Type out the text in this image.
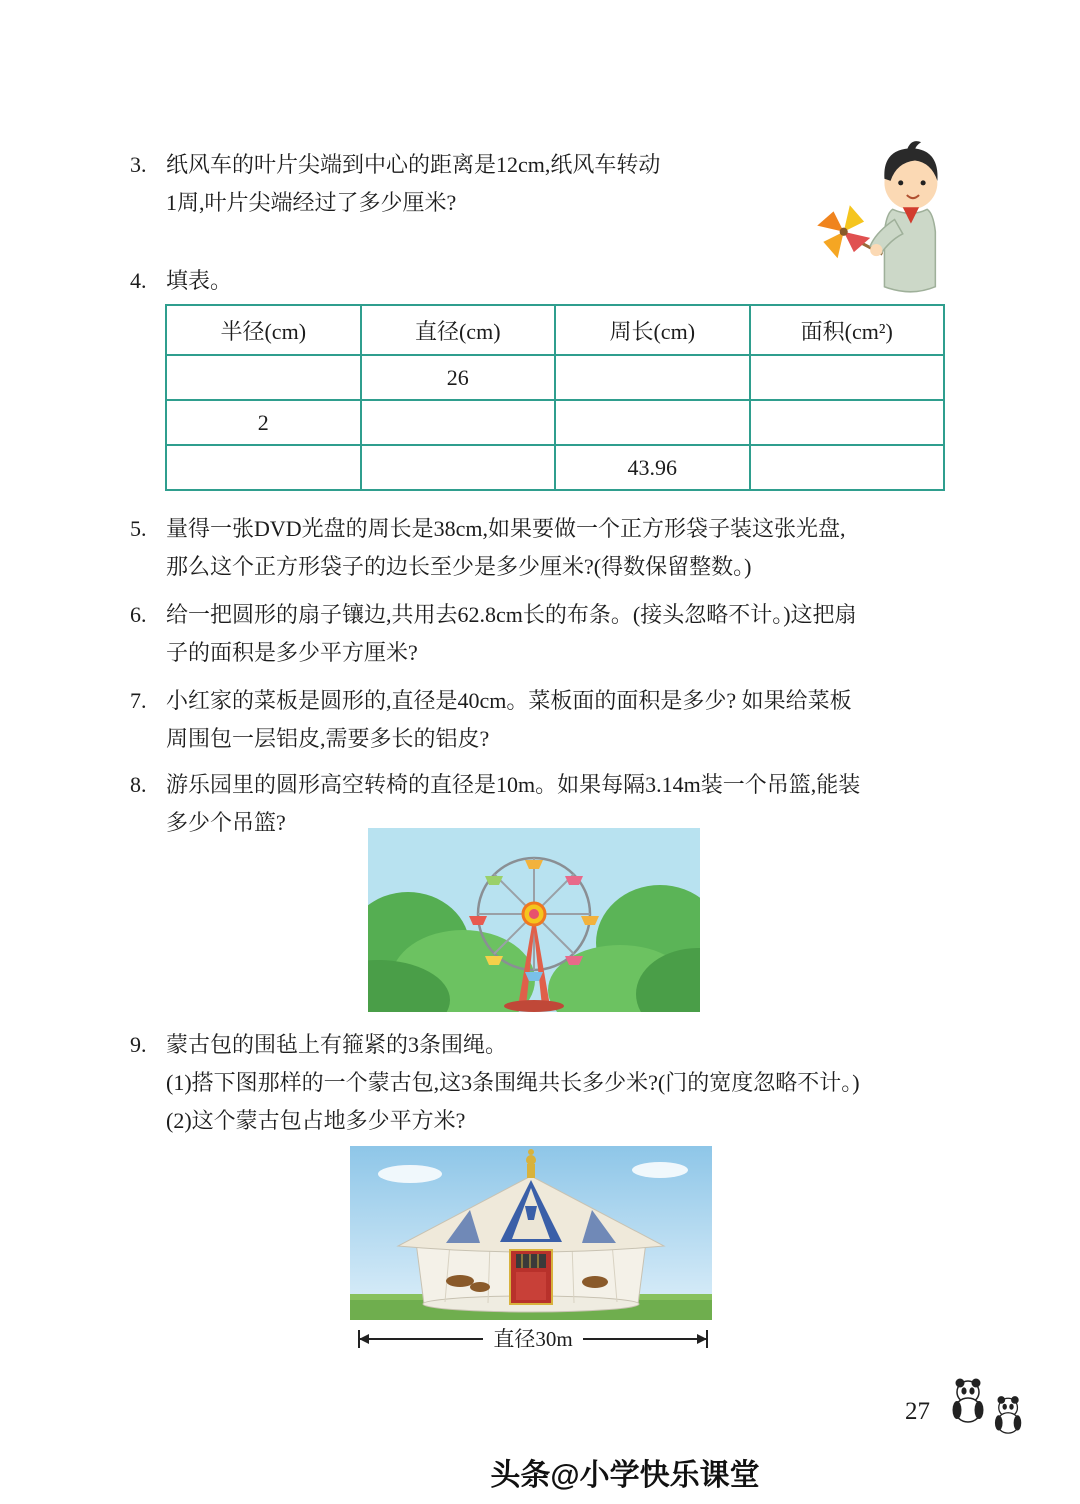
3. 纸风车的叶片尖端到中心的距离是12cm,纸风车转动
1周,叶片尖端经过了多少厘米?
4. 填表。
半径(cm)	直径(cm)	周长(cm)	面积(cm²)
	26		
2			
		43.96	
5. 量得一张DVD光盘的周长是38cm,如果要做一个正方形袋子装这张光盘,
那么这个正方形袋子的边长至少是多少厘米?(得数保留整数。)
6. 给一把圆形的扇子镶边,共用去62.8cm长的布条。(接头忽略不计。)这把扇
子的面积是多少平方厘米?
7. 小红家的菜板是圆形的,直径是40cm。菜板面的面积是多少? 如果给菜板
周围包一层铝皮,需要多长的铝皮?
8. 游乐园里的圆形高空转椅的直径是10m。如果每隔3.14m装一个吊篮,能装
多少个吊篮?
9. 蒙古包的围毡上有箍紧的3条围绳。
(1)搭下图那样的一个蒙古包,这3条围绳共长多少米?(门的宽度忽略不计。)
(2)这个蒙古包占地多少平方米?
直径30m
27
头条@小学快乐课堂
